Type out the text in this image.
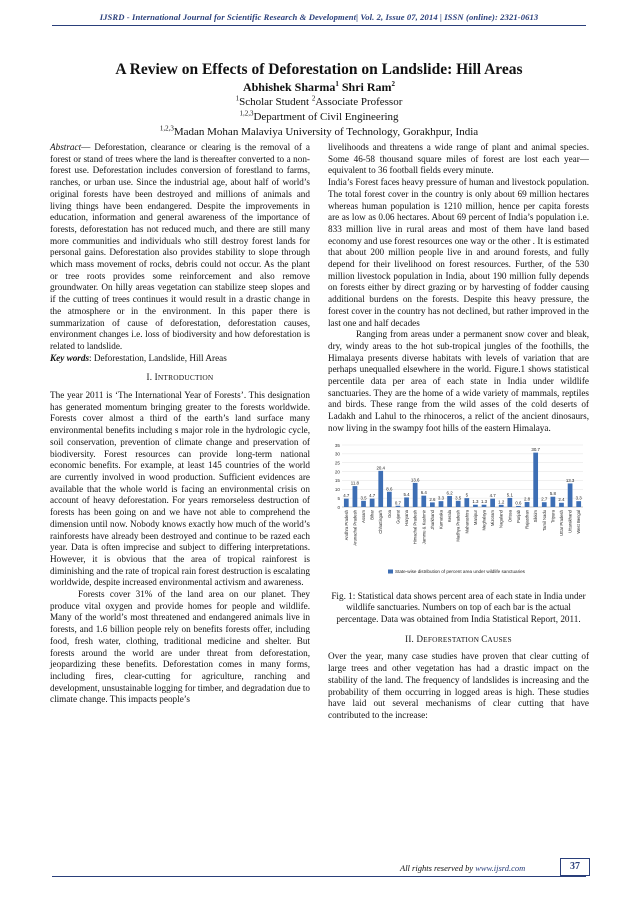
IJSRD - International Journal for Scientific Research & Development| Vol. 2, Issue 07, 2014 | ISSN (online): 2321-0613
A Review on Effects of Deforestation on Landslide: Hill Areas
Abhishek Sharma$^1$ Shri Ram$^2$
$^1$Scholar Student $^2$Associate Professor
$^{1,2,3}$Department of Civil Engineering
$^{1,2,3}$Madan Mohan Malaviya University of Technology, Gorakhpur, India

Abstract— Deforestation, clearance or clearing is the removal of a forest or stand of trees where the land is thereafter converted to a non-forest use. Deforestation includes conversion of forestland to farms, ranches, or urban use. Since the industrial age, about half of world’s original forests have been destroyed and millions of animals and living things have been endangered. Despite the improvements in education, information and general awareness of the importance of forests, deforestation has not reduced much, and there are still many more communities and individuals who still destroy forest lands for personal gains. Deforestation also provides stability to slope through which mass movement of rocks, debris could not occur. As the plant or tree roots provides some reinforcement and also remove groundwater. On hilly areas vegetation can stabilize steep slopes and if the cutting of trees continues it would result in a drastic change in the atmosphere or in the environment. In this paper there is summarization of cause of deforestation, deforestation causes, environment changes i.e. loss of biodiversity and how deforestation is related to landslide.

Key words: Deforestation, Landslide, Hill Areas

I. INTRODUCTION

The year 2011 is ‘The International Year of Forests’. This designation has generated momentum bringing greater to the forests worldwide. Forests cover almost a third of the earth’s land surface many environmental benefits including s major role in the hydrologic cycle, soil conservation, prevention of climate change and preservation of biodiversity. Forest resources can provide long-term national economic benefits. For example, at least 145 countries of the world are currently involved in wood production. Sufficient evidences are available that the whole world is facing an environmental crisis on account of heavy deforestation. For years remorseless destruction of forests has been going on and we have not able to comprehend the dimension until now. Nobody knows exactly how much of the world’s rainforests have already been destroyed and continue to be razed each year. Data is often imprecise and subject to differing interpretations. However, it is obvious that the area of tropical rainforest is diminishing and the rate of tropical rain forest destruction is escalating worldwide, despite increased environmental activism and awareness.

Forests cover 31% of the land area on our planet. They produce vital oxygen and provide homes for people and wildlife. Many of the world’s most threatened and endangered animals live in forests, and 1.6 billion people rely on benefits forests offer, including food, fresh water, clothing, traditional medicine and shelter. But forests around the world are under threat from deforestation, jeopardizing these benefits. Deforestation comes in many forms, including fires, clear-cutting for agriculture, ranching and development, unsustainable logging for timber, and degradation due to climate change. This impacts people’s

livelihoods and threatens a wide range of plant and animal species. Some 46-58 thousand square miles of forest are lost each year—equivalent to 36 football fields every minute.

India’s Forest faces heavy pressure of human and livestock population. The total forest cover in the country is only about 69 million hectares whereas human population is 1210 million, hence per capita forests are as low as 0.06 hectares. About 69 percent of India’s population i.e. 833 million live in rural areas and most of them have land based economy and use forest resources one way or the other . It is estimated that about 200 million people live in and around forests, and fully depend for their livelihood on forest resources. Further, of the 530 million livestock population in India, about 190 million fully depends on forests either by direct grazing or by harvesting of fodder causing additional burdens on the forests. Despite this heavy pressure, the forest cover in the country has not declined, but rather improved in the last one and half decades

Ranging from areas under a permanent snow cover and bleak, dry, windy areas to the hot sub-tropical jungles of the foothills, the Himalaya presents diverse habitats with levels of variation that are perhaps unequalled elsewhere in the world. Figure.1 shows statistical percentile data per area of each state in India under wildlife sanctuaries. They are the home of a wide variety of mammals, reptiles and birds. These range from the wild asses of the cold deserts of Ladakh and Lahul to the rhinoceros, a relict of the ancient dinosaurs, now living in the swampy foot hills of the eastern Himalaya.

0
5
10
15
20
25
30
35
4.7
Andhra Pradesh
11.8
Arunachal Pradesh
3.5
Assam
4.7
Bihar
20.4
Chhattisgarh
8.6
Goa
0.7
Gujarat
5.4
Haryana
13.6
Himachal Pradesh
6.4
Jammu & Kashmir
2.6
Jharkhand
3.3
Karnataka
6.2
Kerala
3.5
Madhya Pradesh
5
Maharashtra
1.3
Manipur
1.3
Meghalaya
4.7
Mizoram
1.2
Nagaland
5.1
Orissa
0.6
Punjab
2.8
Rajasthan
30.7
Sikkim
2.7
Tamil Nadu
5.8
Tripura
2.4
Uttar Pradesh
13.3
Uttarakhand
3.3
West Bengal
State-wise distribution of percent area under wildlife sanctuaries
Fig. 1: Statistical data shows percent area of each state in India under wildlife sanctuaries. Numbers on top of each bar is the actual percentage. Data was obtained from India Statistical Report, 2011.
II. DEFORESTATION CAUSES

Over the year, many case studies have proven that clear cutting of large trees and other vegetation has had a drastic impact on the stability of the land. The frequency of landslides is increasing and the probability of them occurring in logged areas is high. These studies have laid out several mechanisms of clear cutting that have contributed to the increase:

All rights reserved by www.ijsrd.com	37
